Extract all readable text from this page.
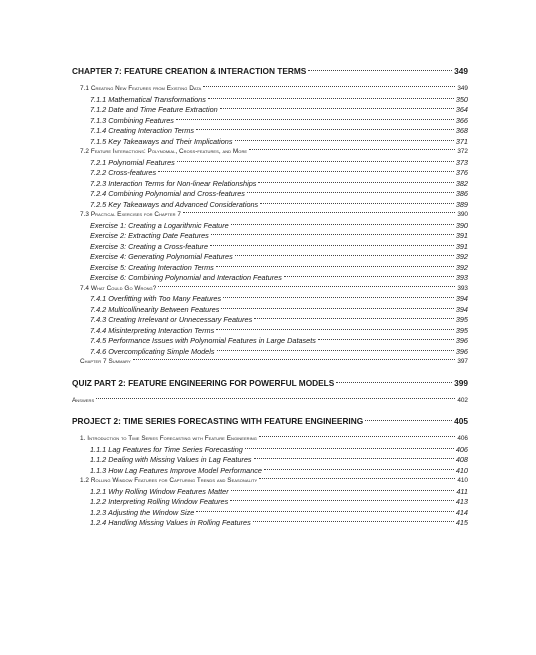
CHAPTER 7: FEATURE CREATION & INTERACTION TERMS	349
7.1 Creating New Features from Existing Data	349
7.1.1 Mathematical Transformations	350
7.1.2 Date and Time Feature Extraction	364
7.1.3 Combining Features	366
7.1.4 Creating Interaction Terms	368
7.1.5 Key Takeaways and Their Implications	371
7.2 Feature Interactions: Polynomial, Cross-features, and More	372
7.2.1 Polynomial Features	373
7.2.2 Cross-features	376
7.2.3 Interaction Terms for Non-linear Relationships	382
7.2.4 Combining Polynomial and Cross-features	386
7.2.5 Key Takeaways and Advanced Considerations	389
7.3 Practical Exercises for Chapter 7	390
Exercise 1: Creating a Logarithmic Feature	390
Exercise 2: Extracting Date Features	391
Exercise 3: Creating a Cross-feature	391
Exercise 4: Generating Polynomial Features	392
Exercise 5: Creating Interaction Terms	392
Exercise 6: Combining Polynomial and Interaction Features	393
7.4 What Could Go Wrong?	393
7.4.1 Overfitting with Too Many Features	394
7.4.2 Multicollinearity Between Features	394
7.4.3 Creating Irrelevant or Unnecessary Features	395
7.4.4 Misinterpreting Interaction Terms	395
7.4.5 Performance Issues with Polynomial Features in Large Datasets	396
7.4.6 Overcomplicating Simple Models	396
Chapter 7 Summary	397
QUIZ PART 2: FEATURE ENGINEERING FOR POWERFUL MODELS	399
Answers	402
PROJECT 2: TIME SERIES FORECASTING WITH FEATURE ENGINEERING	405
1. Introduction to Time Series Forecasting with Feature Engineering	406
1.1.1 Lag Features for Time Series Forecasting	406
1.1.2 Dealing with Missing Values in Lag Features	408
1.1.3 How Lag Features Improve Model Performance	410
1.2 Rolling Window Features for Capturing Trends and Seasonality	410
1.2.1 Why Rolling Window Features Matter	411
1.2.2 Interpreting Rolling Window Features	413
1.2.3 Adjusting the Window Size	414
1.2.4 Handling Missing Values in Rolling Features	415
